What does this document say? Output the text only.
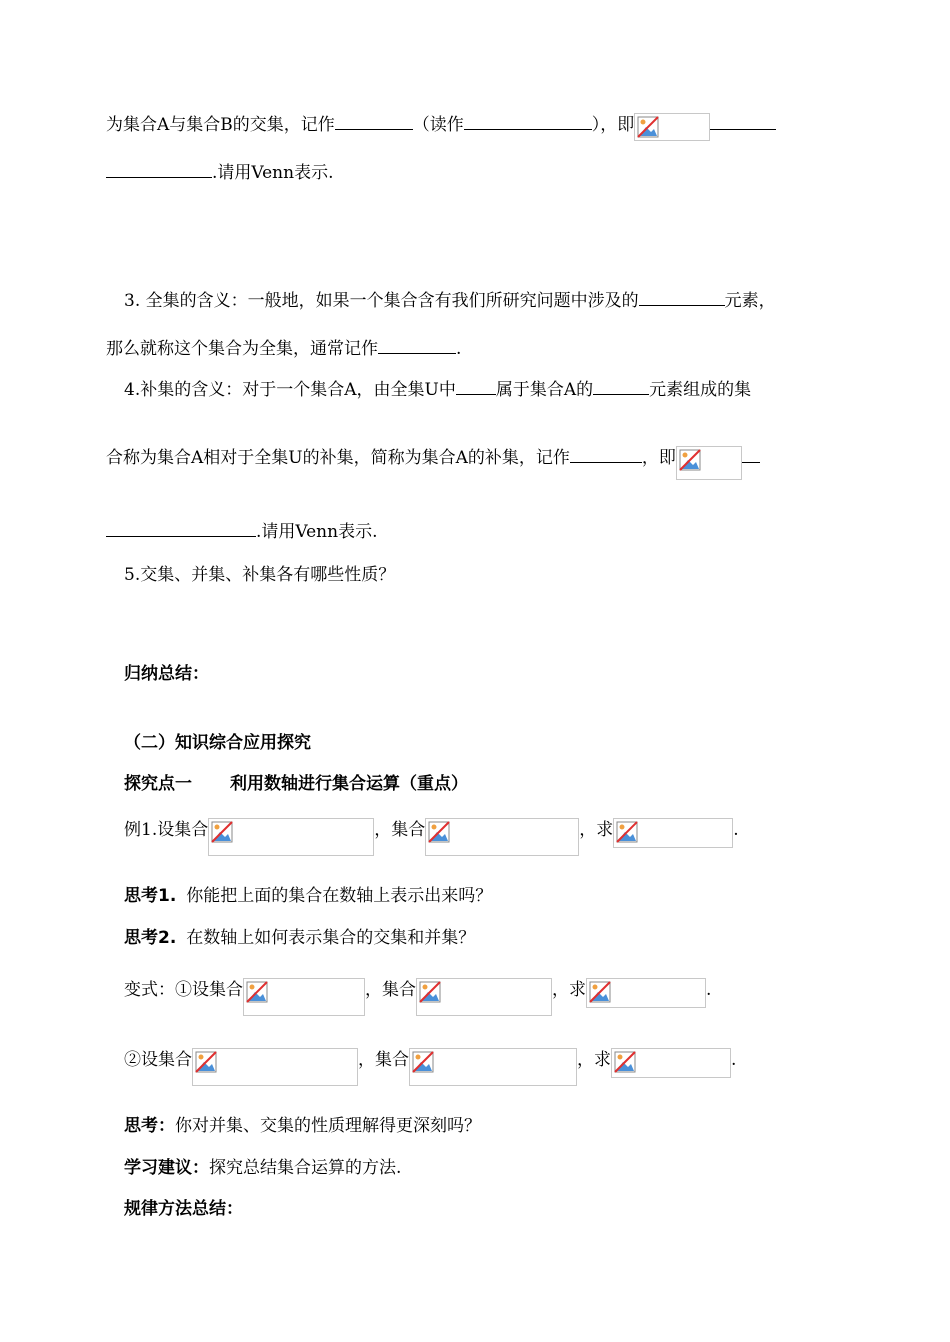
为集合A与集合B的交集，记作	（读作	），即
.请用Venn表示.
3. 全集的含义：一般地，如果一个集合含有我们所研究问题中涉及的	元素，
那么就称这个集合为全集，通常记作	.
4.补集的含义：对于一个集合A，由全集U中 属于集合A的	元素组成的集
合称为集合A相对于全集U的补集，简称为集合A的补集，记作	，即
.请用Venn表示.
5.交集、并集、补集各有哪些性质？
归纳总结：
（二）知识综合应用探究
探究点一 利用数轴进行集合运算（重点）
例1.设集合	，集合	，求	.
思考1. 你能把上面的集合在数轴上表示出来吗？
思考2. 在数轴上如何表示集合的交集和并集？
变式：①设集合	，集合	，求	.
②设集合	，集合	，求	.
思考：你对并集、交集的性质理解得更深刻吗？
学习建议：探究总结集合运算的方法.
规律方法总结：
